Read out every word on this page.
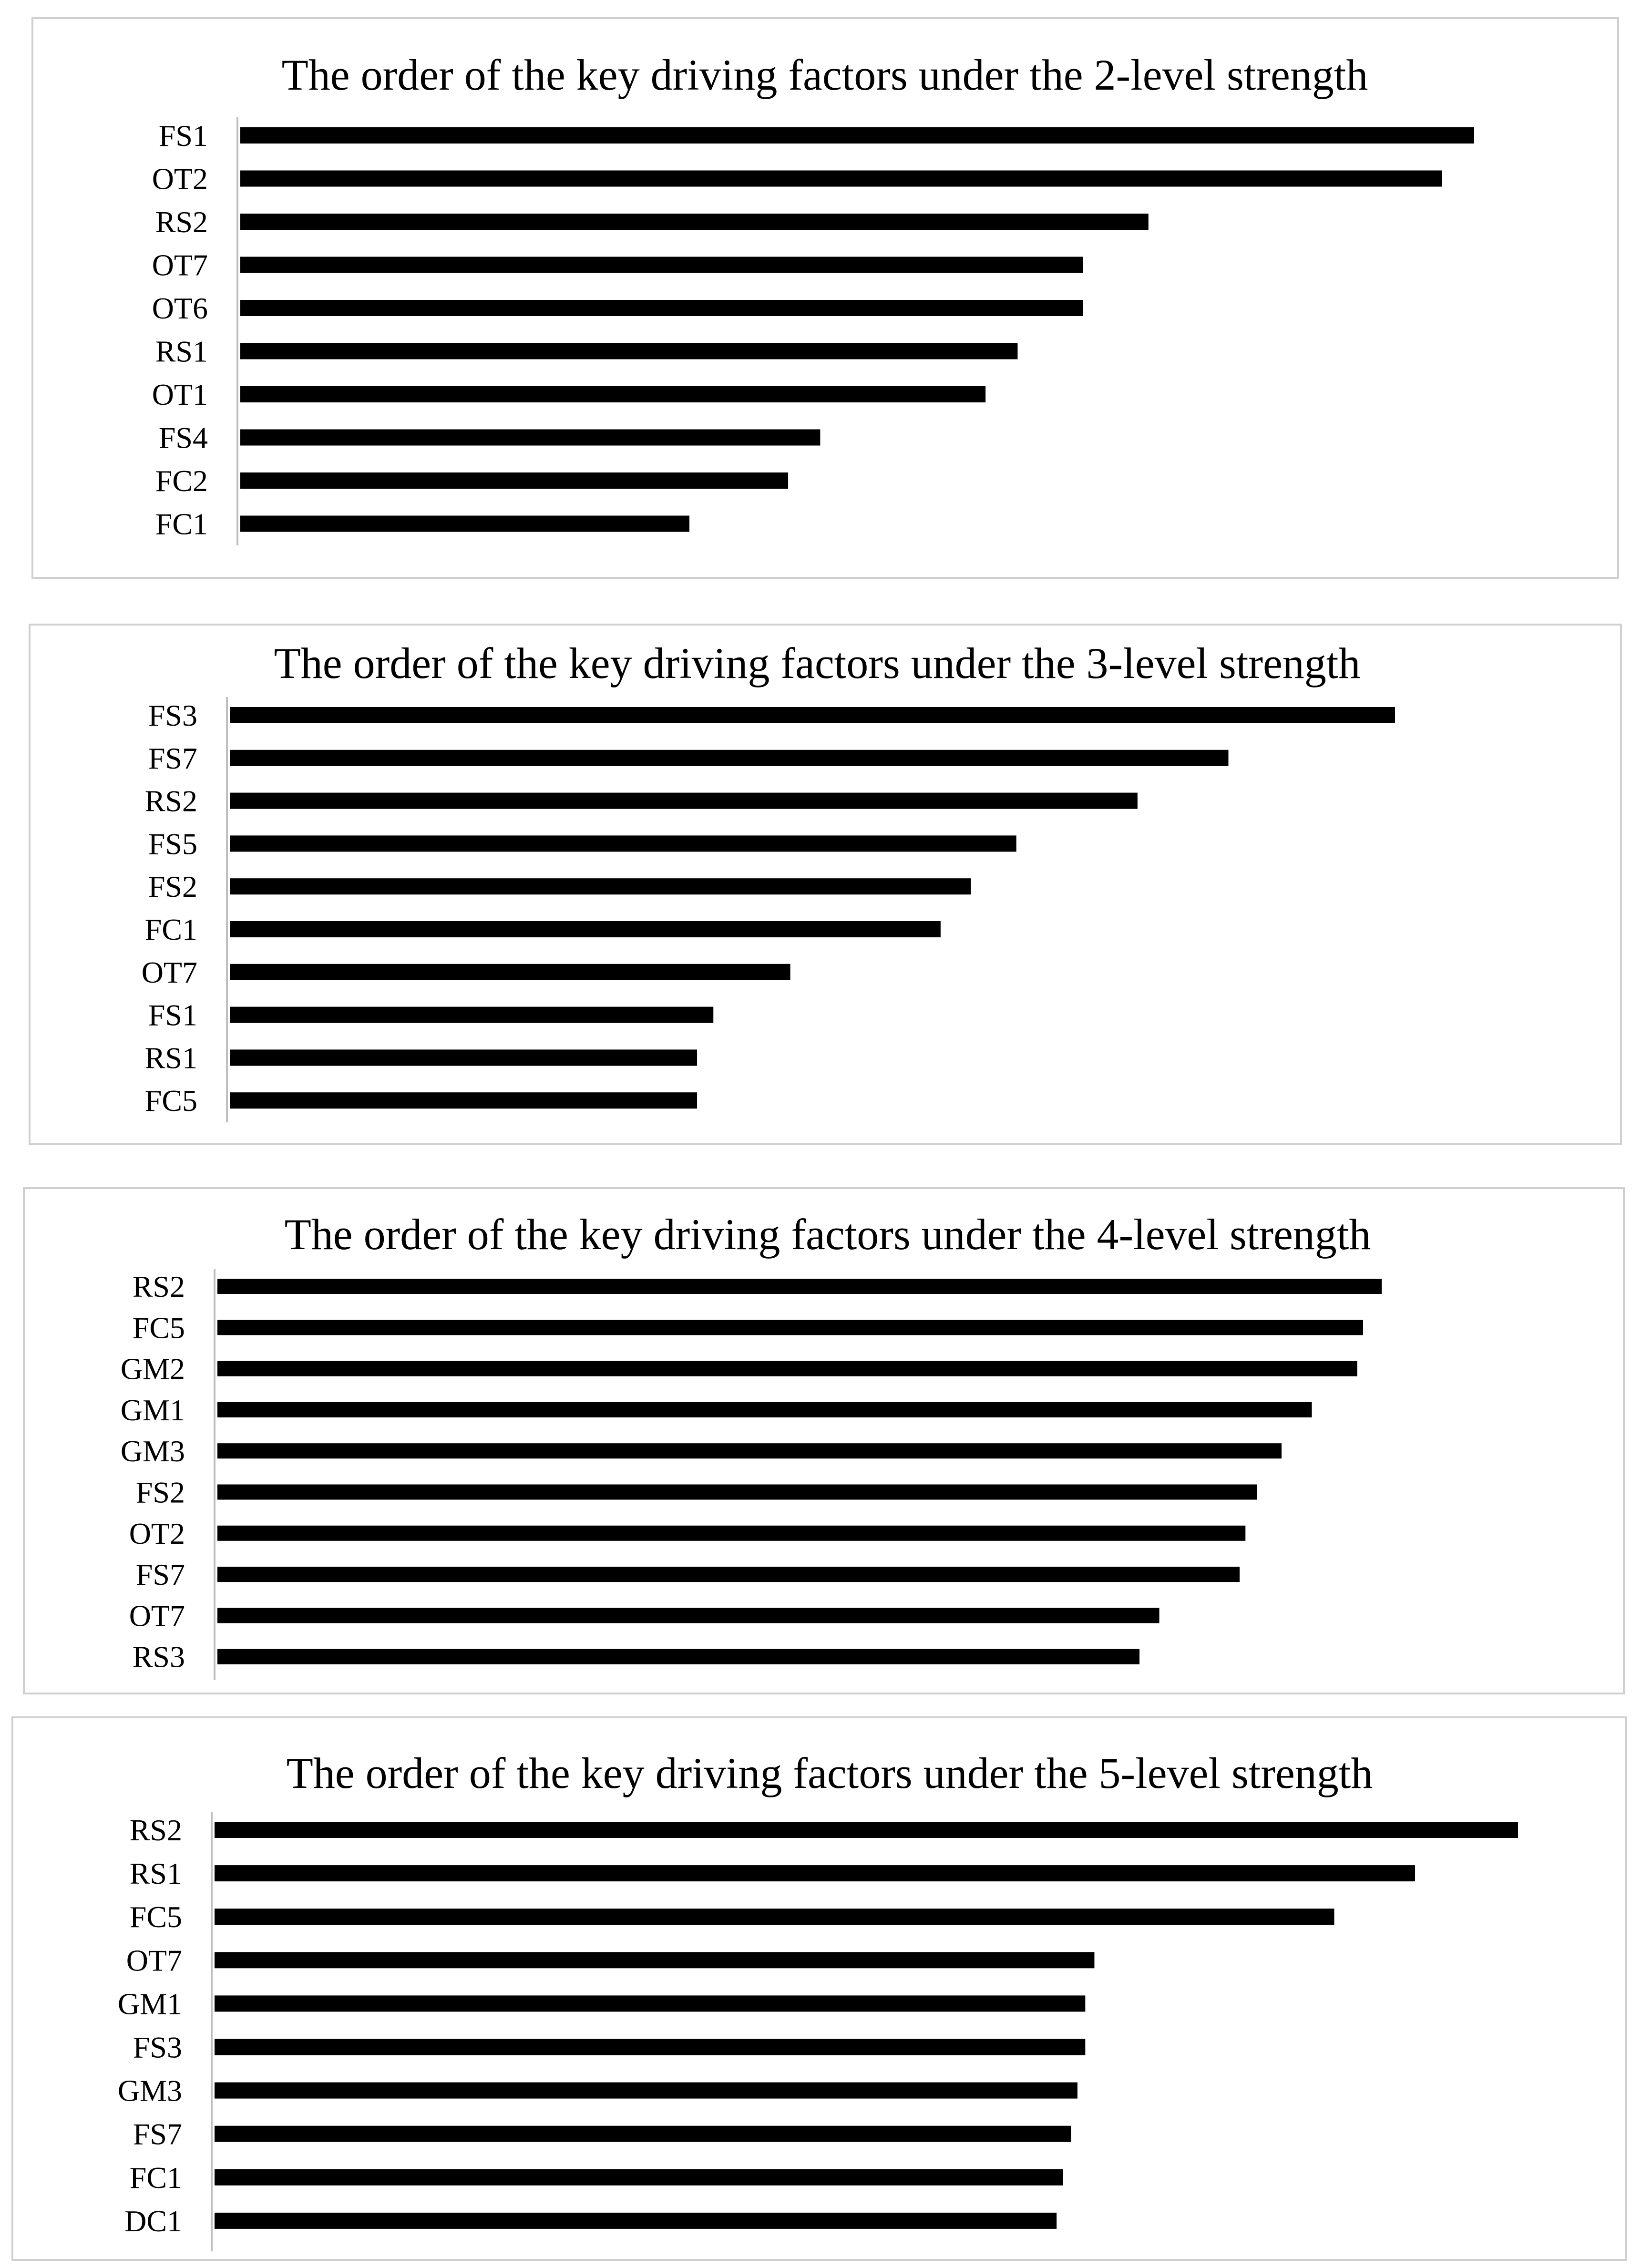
The order of the key driving factors under the 2-level strength
FS1
OT2
RS2
OT7
OT6
RS1
OT1
FS4
FC2
FC1
The order of the key driving factors under the 3-level strength
FS3
FS7
RS2
FS5
FS2
FC1
OT7
FS1
RS1
FC5
The order of the key driving factors under the 4-level strength
RS2
FC5
GM2
GM1
GM3
FS2
OT2
FS7
OT7
RS3
The order of the key driving factors under the 5-level strength
RS2
RS1
FC5
OT7
GM1
FS3
GM3
FS7
FC1
DC1
